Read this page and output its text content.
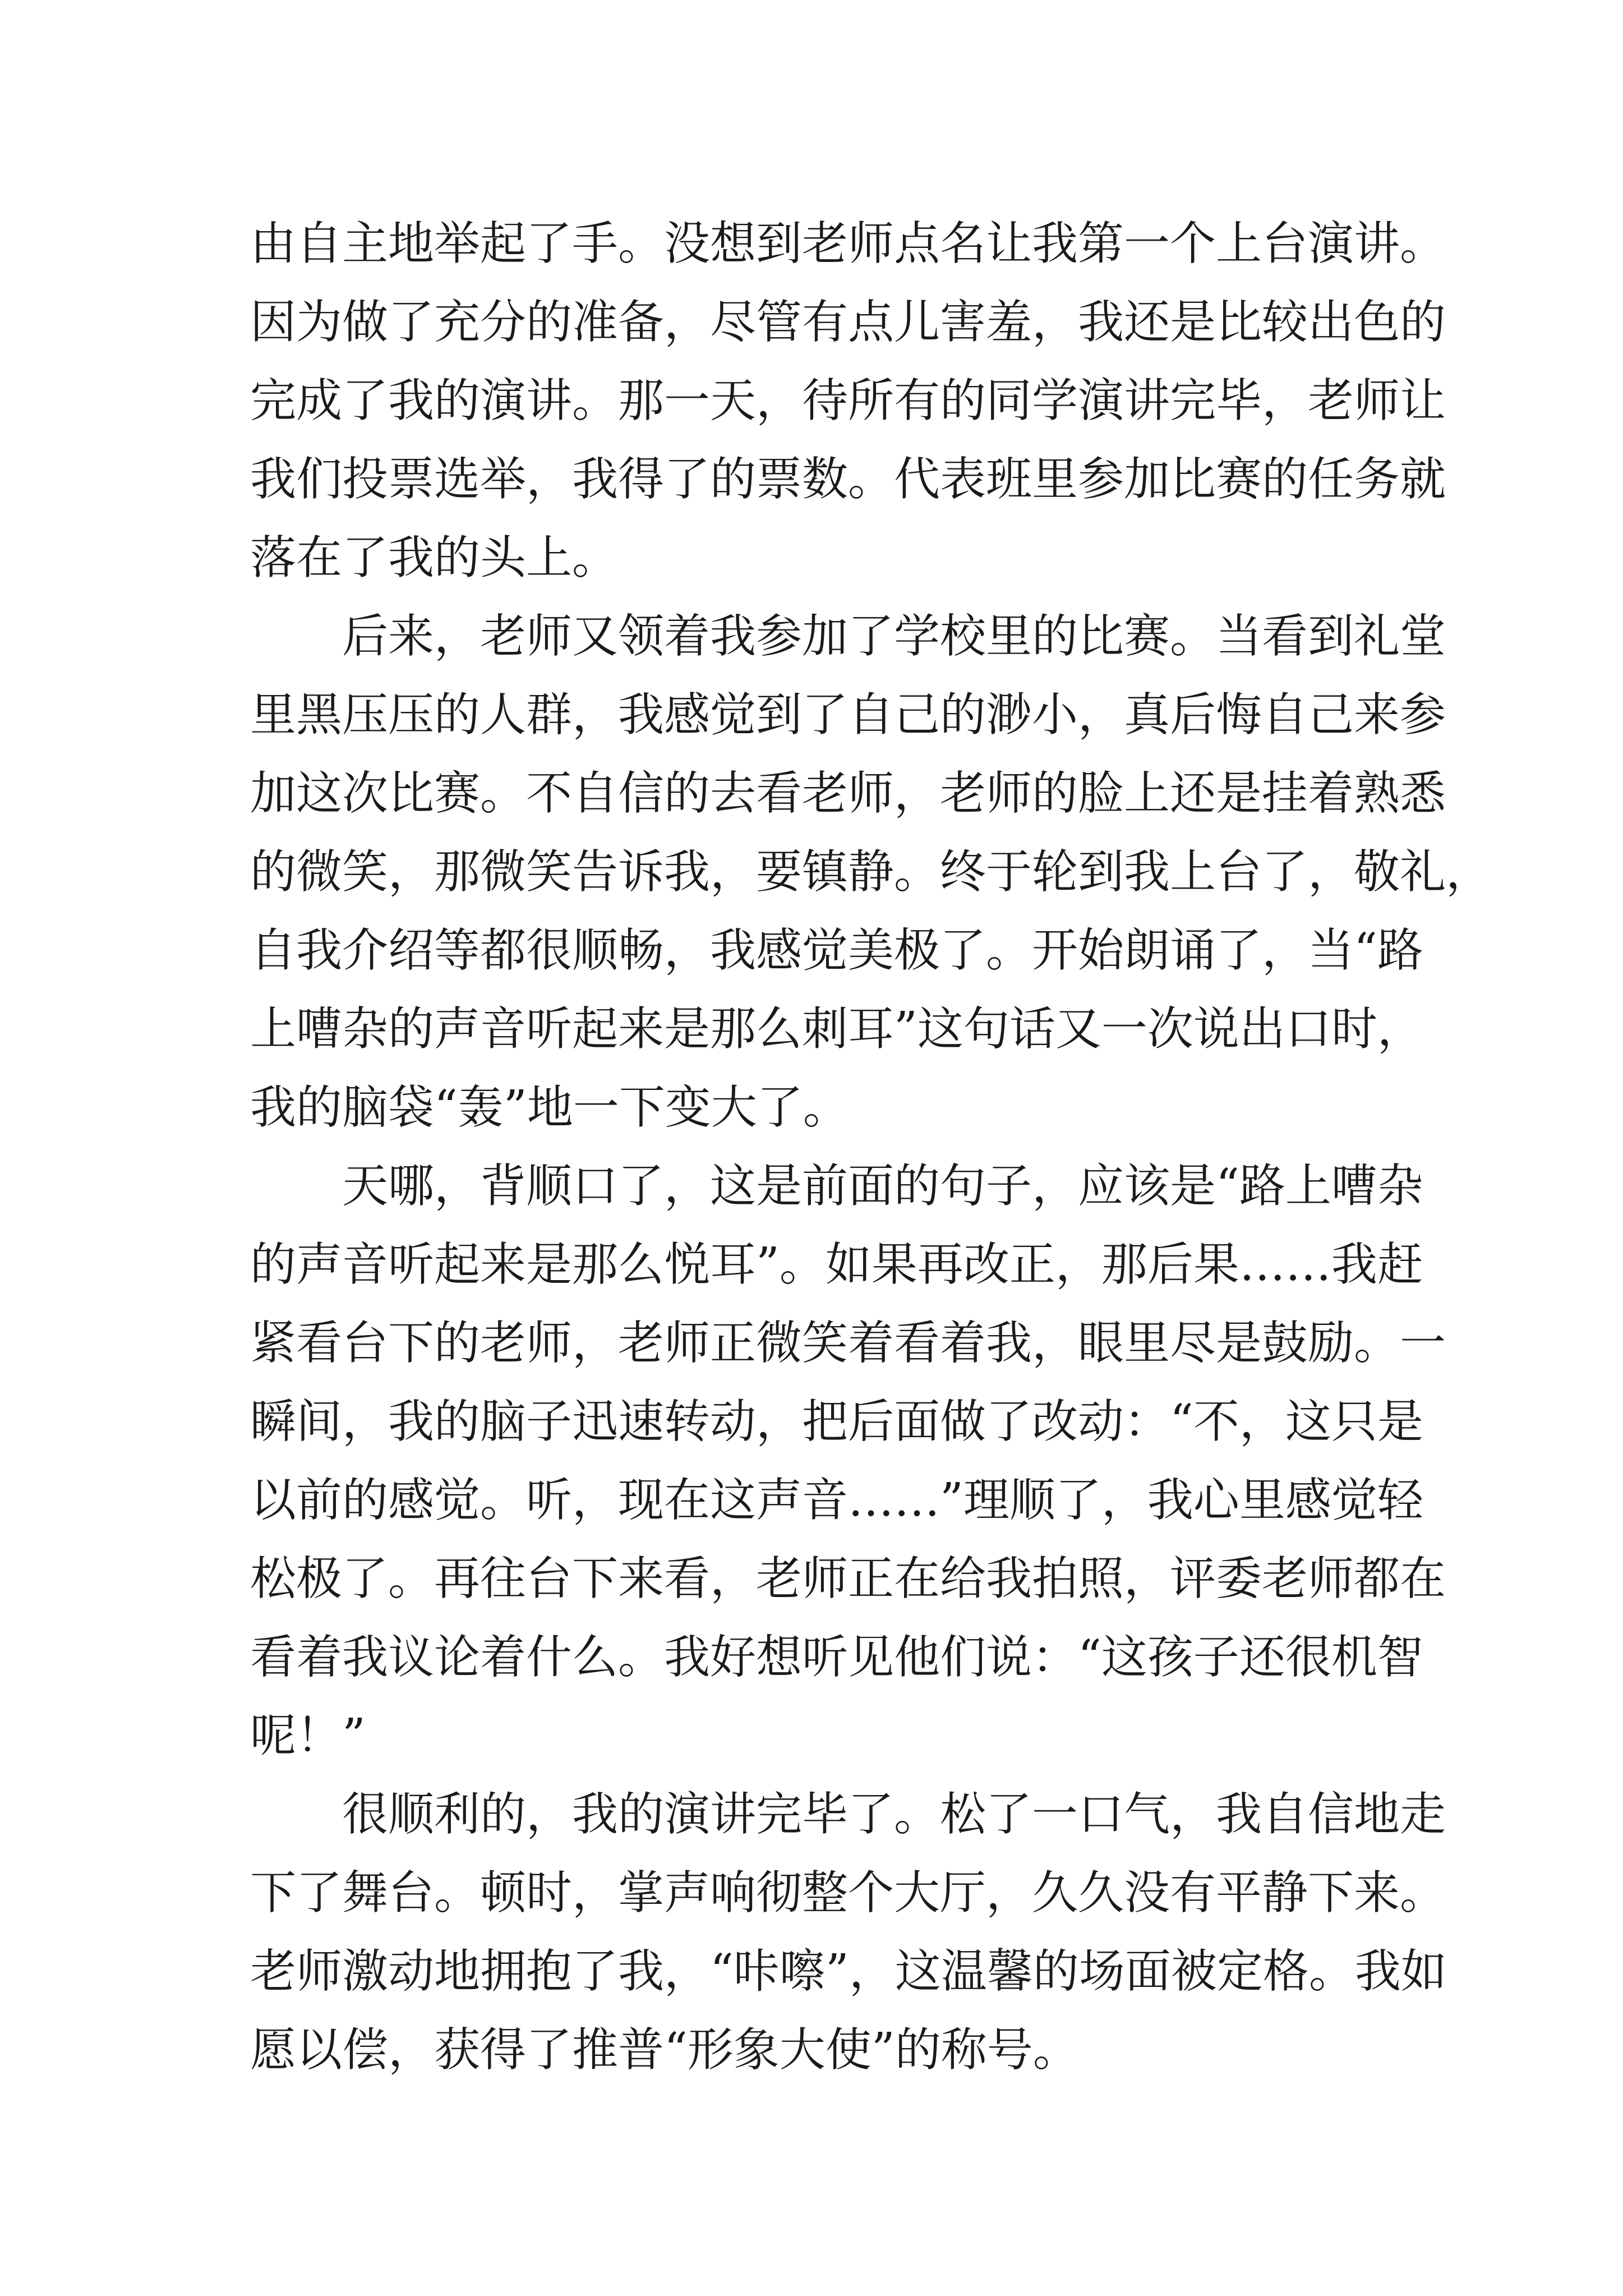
由自主地举起了手。没想到老师点名让我第一个上台演讲。
因为做了充分的准备，尽管有点儿害羞，我还是比较出色的
完成了我的演讲。那一天，待所有的同学演讲完毕，老师让
我们投票选举，我得了的票数。代表班里参加比赛的任务就
落在了我的头上。
后来，老师又领着我参加了学校里的比赛。当看到礼堂
里黑压压的人群，我感觉到了自己的渺小，真后悔自己来参
加这次比赛。不自信的去看老师，老师的脸上还是挂着熟悉
的微笑，那微笑告诉我，要镇静。终于轮到我上台了，敬礼，
自我介绍等都很顺畅，我感觉美极了。开始朗诵了，当“路
上嘈杂的声音听起来是那么刺耳”这句话又一次说出口时，
我的脑袋“轰”地一下变大了。
天哪，背顺口了，这是前面的句子，应该是“路上嘈杂
的声音听起来是那么悦耳”。如果再改正，那后果……我赶
紧看台下的老师，老师正微笑着看着我，眼里尽是鼓励。一
瞬间，我的脑子迅速转动，把后面做了改动：“不，这只是
以前的感觉。听，现在这声音……”理顺了，我心里感觉轻
松极了。再往台下来看，老师正在给我拍照，评委老师都在
看着我议论着什么。我好想听见他们说：“这孩子还很机智
呢！”
很顺利的，我的演讲完毕了。松了一口气，我自信地走
下了舞台。顿时，掌声响彻整个大厅，久久没有平静下来。
老师激动地拥抱了我，“咔嚓”，这温馨的场面被定格。我如
愿以偿，获得了推普“形象大使”的称号。
